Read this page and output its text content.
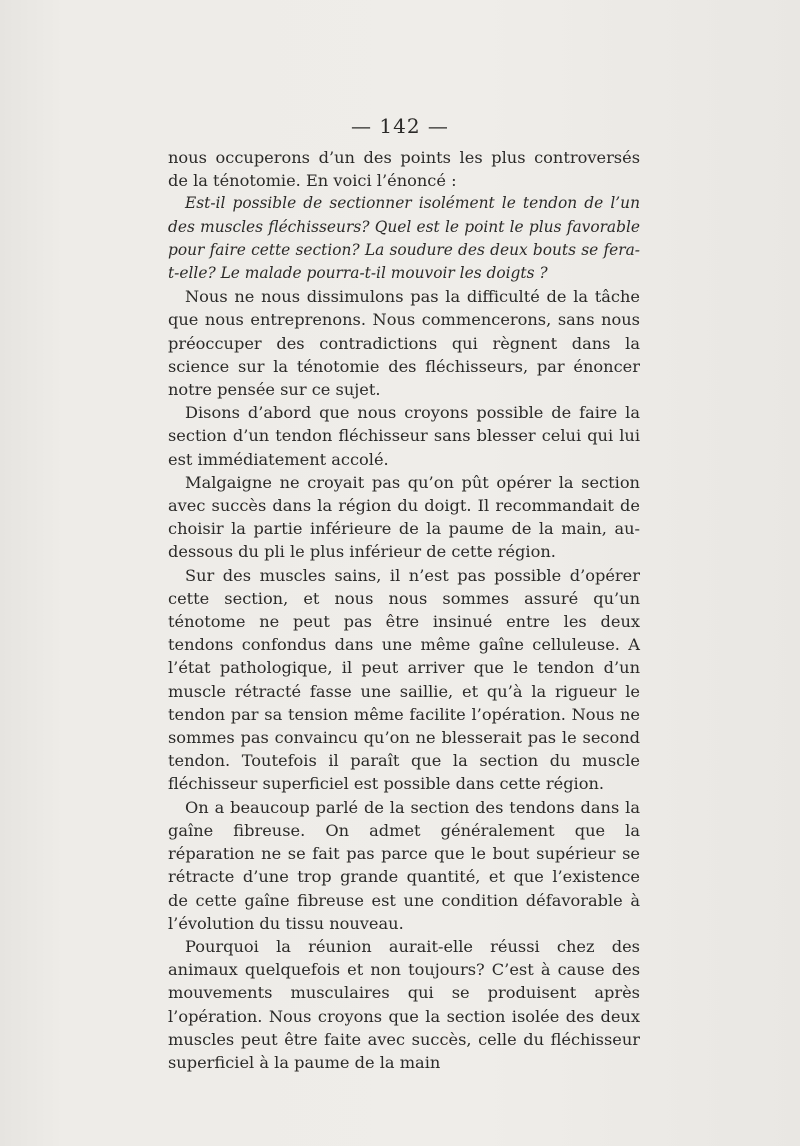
— 142 —

nous occuperons d’un des points les plus controversés de la ténotomie. En voici l’énoncé :

Est-il possible de sectionner isolément le tendon de l’un des muscles fléchisseurs? Quel est le point le plus favorable pour faire cette section? La soudure des deux bouts se fera-t-elle? Le malade pourra-t-il mouvoir les doigts ?

Nous ne nous dissimulons pas la difficulté de la tâche que nous entreprenons. Nous commencerons, sans nous préoccuper des contradictions qui règnent dans la science sur la ténotomie des fléchisseurs, par énoncer notre pensée sur ce sujet.

Disons d’abord que nous croyons possible de faire la section d’un tendon fléchisseur sans blesser celui qui lui est immédiatement accolé.

Malgaigne ne croyait pas qu’on pût opérer la section avec succès dans la région du doigt. Il recommandait de choisir la partie inférieure de la paume de la main, au-dessous du pli le plus inférieur de cette région.

Sur des muscles sains, il n’est pas possible d’opérer cette section, et nous nous sommes assuré qu’un ténotome ne peut pas être insinué entre les deux tendons confondus dans une même gaîne celluleuse. A l’état pathologique, il peut arriver que le tendon d’un muscle rétracté fasse une saillie, et qu’à la rigueur le tendon par sa tension même facilite l’opération. Nous ne sommes pas convaincu qu’on ne blesserait pas le second tendon. Toutefois il paraît que la section du muscle fléchisseur superficiel est possible dans cette région.

On a beaucoup parlé de la section des tendons dans la gaîne fibreuse. On admet généralement que la réparation ne se fait pas parce que le bout supérieur se rétracte d’une trop grande quantité, et que l’existence de cette gaîne fibreuse est une condition défavorable à l’évolution du tissu nouveau.

Pourquoi la réunion aurait-elle réussi chez des animaux quelquefois et non toujours? C’est à cause des mouvements musculaires qui se produisent après l’opération. Nous croyons que la section isolée des deux muscles peut être faite avec succès, celle du fléchisseur superficiel à la paume de la main
